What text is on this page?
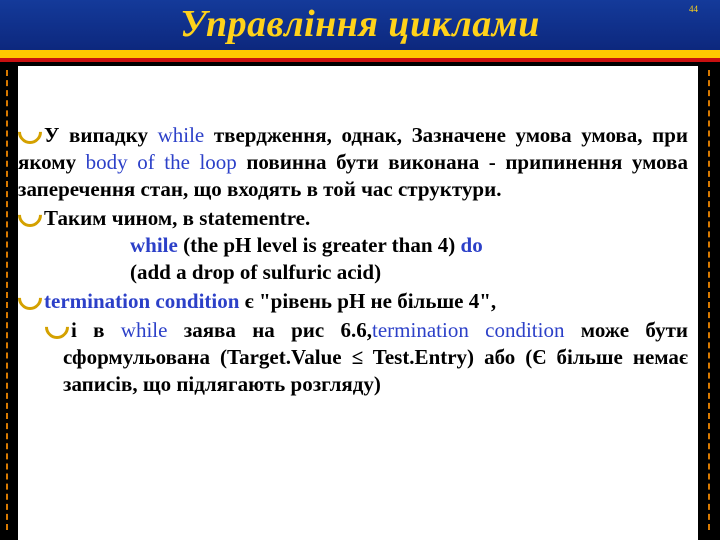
Управління циклами	44

У випадку while твердження, однак, Зазначене умова умова, при якому body of the loop повинна бути виконана - припинення умова заперечення стан, що входять в той час структури.

Таким чином, в statementre.

while (the pH level is greater than 4) do

(add a drop of sulfuric acid)

termination condition є "рівень pH не більше 4",

і в while заява на рис 6.6,termination condition може бути сформульована (Target.Value ≤ Test.Entry) або (Є більше немає записів, що підлягають розгляду)
